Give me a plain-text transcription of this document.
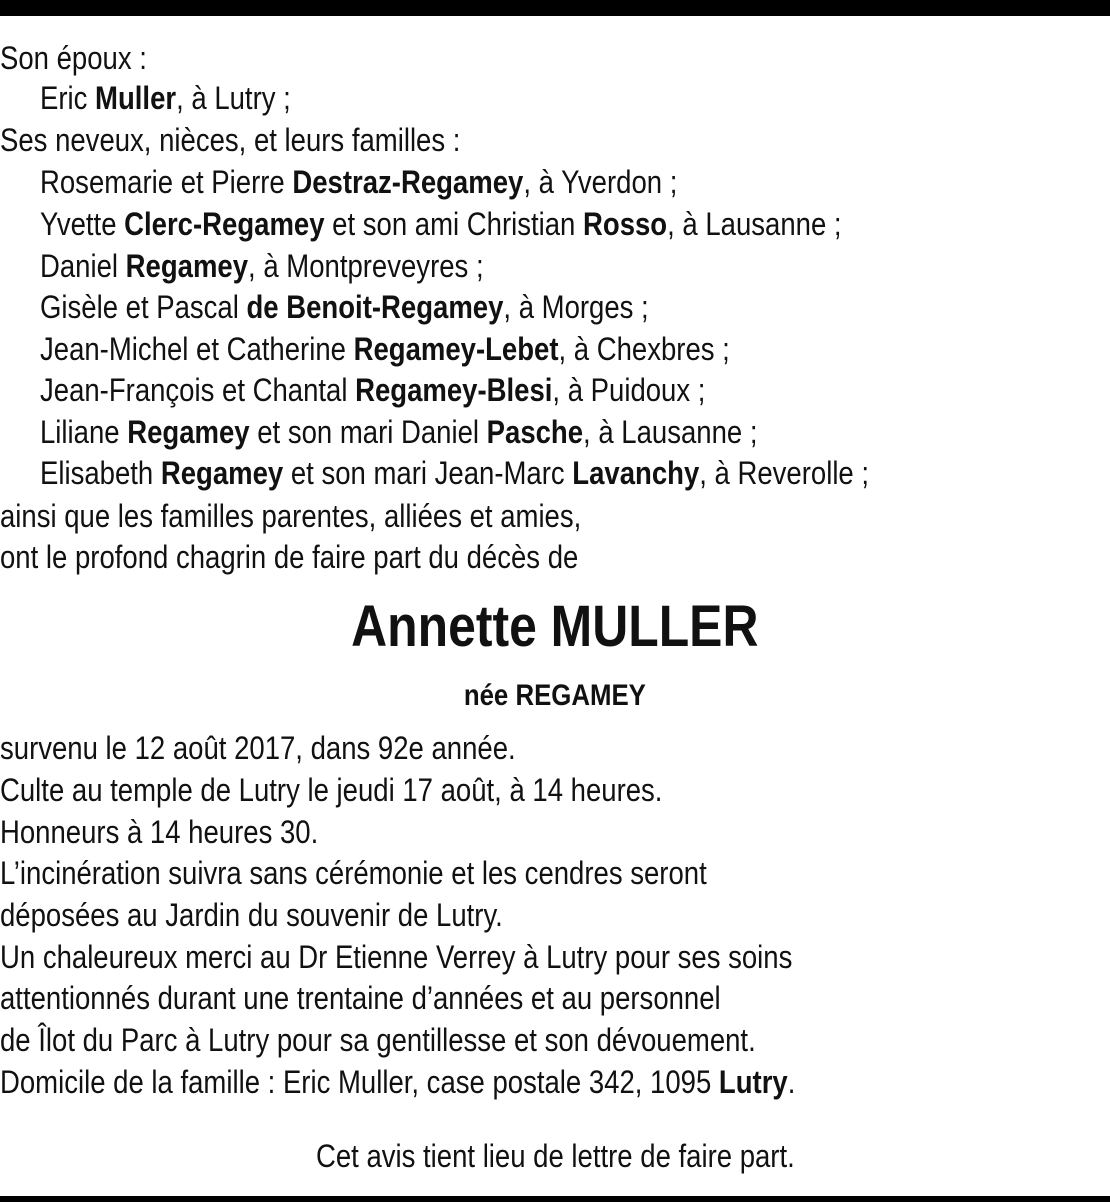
Son époux :
Eric Muller, à Lutry ;
Ses neveux, nièces, et leurs familles :
Rosemarie et Pierre Destraz-Regamey, à Yverdon ;
Yvette Clerc-Regamey et son ami Christian Rosso, à Lausanne ;
Daniel Regamey, à Montpreveyres ;
Gisèle et Pascal de Benoit-Regamey, à Morges ;
Jean-Michel et Catherine Regamey-Lebet, à Chexbres ;
Jean-François et Chantal Regamey-Blesi, à Puidoux ;
Liliane Regamey et son mari Daniel Pasche, à Lausanne ;
Elisabeth Regamey et son mari Jean-Marc Lavanchy, à Reverolle ;
ainsi que les familles parentes, alliées et amies,
ont le profond chagrin de faire part du décès de
Annette MULLER
née REGAMEY
survenu le 12 août 2017, dans 92e année.
Culte au temple de Lutry le jeudi 17 août, à 14 heures.
Honneurs à 14 heures 30.
L’incinération suivra sans cérémonie et les cendres seront
déposées au Jardin du souvenir de Lutry.
Un chaleureux merci au Dr Etienne Verrey à Lutry pour ses soins
attentionnés durant une trentaine d’années et au personnel
de Îlot du Parc à Lutry pour sa gentillesse et son dévouement.
Domicile de la famille : Eric Muller, case postale 342, 1095 Lutry.
Cet avis tient lieu de lettre de faire part.
